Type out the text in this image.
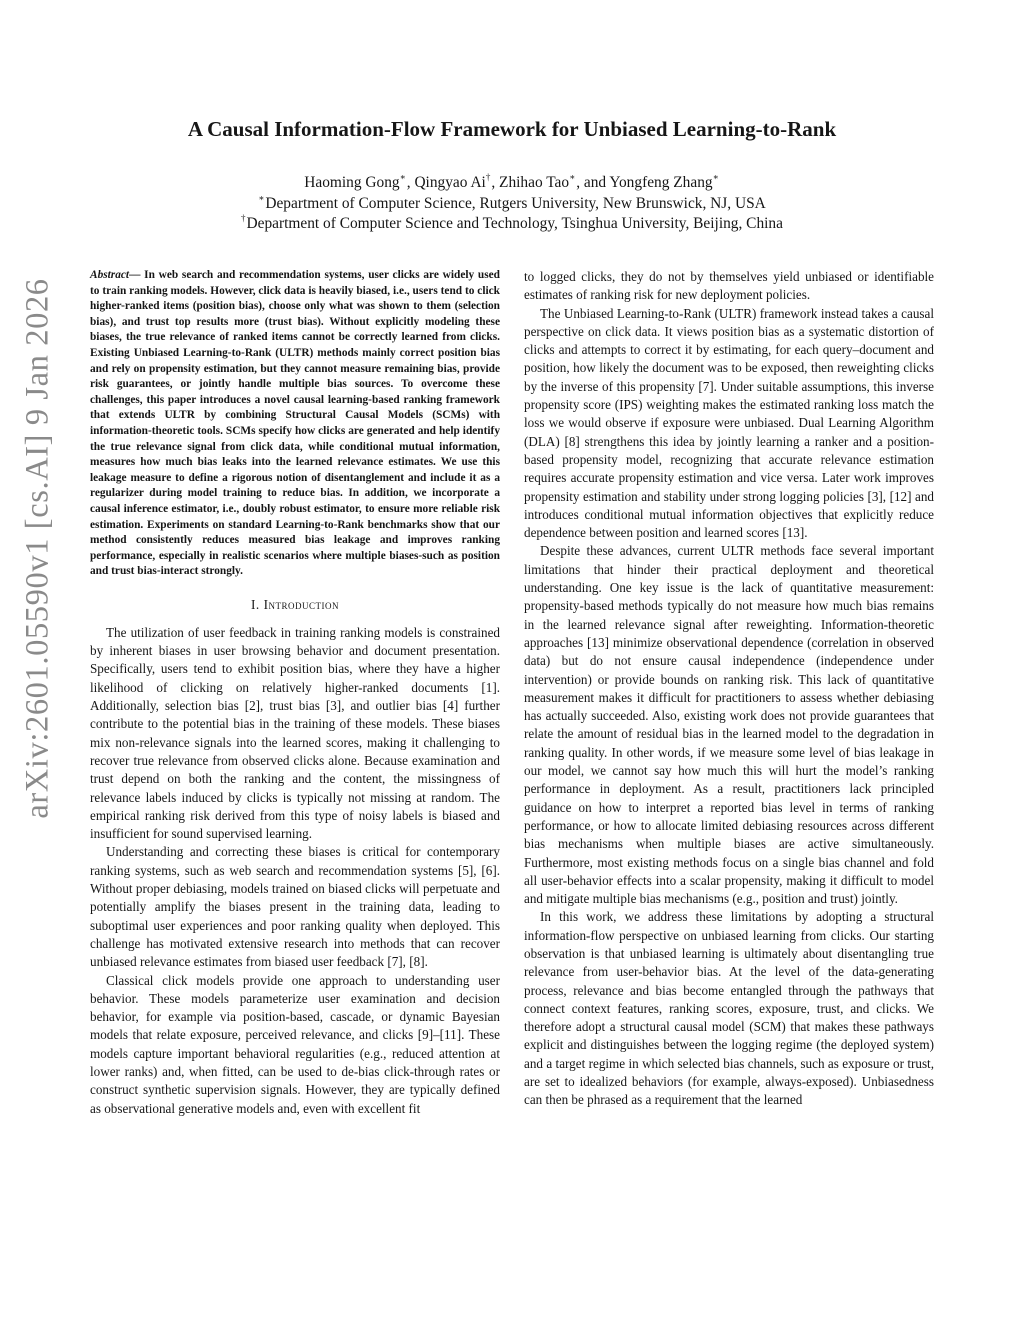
arXiv:2601.05590v1 [cs.AI] 9 Jan 2026
A Causal Information-Flow Framework for Unbiased Learning-to-Rank

Haoming Gong∗, Qingyao Ai†, Zhihao Tao∗, and Yongfeng Zhang∗

∗Department of Computer Science, Rutgers University, New Brunswick, NJ, USA

†Department of Computer Science and Technology, Tsinghua University, Beijing, China

Abstract— In web search and recommendation systems, user clicks are widely used to train ranking models. However, click data is heavily biased, i.e., users tend to click higher-ranked items (position bias), choose only what was shown to them (selection bias), and trust top results more (trust bias). Without explicitly modeling these biases, the true relevance of ranked items cannot be correctly learned from clicks. Existing Unbiased Learning-to-Rank (ULTR) methods mainly correct position bias and rely on propensity estimation, but they cannot measure remaining bias, provide risk guarantees, or jointly handle multiple bias sources. To overcome these challenges, this paper introduces a novel causal learning-based ranking framework that extends ULTR by combining Structural Causal Models (SCMs) with information-theoretic tools. SCMs specify how clicks are generated and help identify the true relevance signal from click data, while conditional mutual information, measures how much bias leaks into the learned relevance estimates. We use this leakage measure to define a rigorous notion of disentanglement and include it as a regularizer during model training to reduce bias. In addition, we incorporate a causal inference estimator, i.e., doubly robust estimator, to ensure more reliable risk estimation. Experiments on standard Learning-to-Rank benchmarks show that our method consistently reduces measured bias leakage and improves ranking performance, especially in realistic scenarios where multiple biases-such as position and trust bias-interact strongly.

I. Introduction

The utilization of user feedback in training ranking models is constrained by inherent biases in user browsing behavior and document presentation. Specifically, users tend to exhibit position bias, where they have a higher likelihood of clicking on relatively higher-ranked documents [1]. Additionally, selection bias [2], trust bias [3], and outlier bias [4] further contribute to the potential bias in the training of these models. These biases mix non-relevance signals into the learned scores, making it challenging to recover true relevance from observed clicks alone. Because examination and trust depend on both the ranking and the content, the missingness of relevance labels induced by clicks is typically not missing at random. The empirical ranking risk derived from this type of noisy labels is biased and insufficient for sound supervised learning.

Understanding and correcting these biases is critical for contemporary ranking systems, such as web search and recommendation systems [5], [6]. Without proper debiasing, models trained on biased clicks will perpetuate and potentially amplify the biases present in the training data, leading to suboptimal user experiences and poor ranking quality when deployed. This challenge has motivated extensive research into methods that can recover unbiased relevance estimates from biased user feedback [7], [8].

Classical click models provide one approach to understanding user behavior. These models parameterize user examination and decision behavior, for example via position-based, cascade, or dynamic Bayesian models that relate exposure, perceived relevance, and clicks [9]–[11]. These models capture important behavioral regularities (e.g., reduced attention at lower ranks) and, when fitted, can be used to de-bias click-through rates or construct synthetic supervision signals. However, they are typically defined as observational generative models and, even with excellent fit

to logged clicks, they do not by themselves yield unbiased or identifiable estimates of ranking risk for new deployment policies.

The Unbiased Learning-to-Rank (ULTR) framework instead takes a causal perspective on click data. It views position bias as a systematic distortion of clicks and attempts to correct it by estimating, for each query–document and position, how likely the document was to be exposed, then reweighting clicks by the inverse of this propensity [7]. Under suitable assumptions, this inverse propensity score (IPS) weighting makes the estimated ranking loss match the loss we would observe if exposure were unbiased. Dual Learning Algorithm (DLA) [8] strengthens this idea by jointly learning a ranker and a position-based propensity model, recognizing that accurate relevance estimation requires accurate propensity estimation and vice versa. Later work improves propensity estimation and stability under strong logging policies [3], [12] and introduces conditional mutual information objectives that explicitly reduce dependence between position and learned scores [13].

Despite these advances, current ULTR methods face several important limitations that hinder their practical deployment and theoretical understanding. One key issue is the lack of quantitative measurement: propensity-based methods typically do not measure how much bias remains in the learned relevance signal after reweighting. Information-theoretic approaches [13] minimize observational dependence (correlation in observed data) but do not ensure causal independence (independence under intervention) or provide bounds on ranking risk. This lack of quantitative measurement makes it difficult for practitioners to assess whether debiasing has actually succeeded. Also, existing work does not provide guarantees that relate the amount of residual bias in the learned model to the degradation in ranking quality. In other words, if we measure some level of bias leakage in our model, we cannot say how much this will hurt the model’s ranking performance in deployment. As a result, practitioners lack principled guidance on how to interpret a reported bias level in terms of ranking performance, or how to allocate limited debiasing resources across different bias mechanisms when multiple biases are active simultaneously. Furthermore, most existing methods focus on a single bias channel and fold all user-behavior effects into a scalar propensity, making it difficult to model and mitigate multiple bias mechanisms (e.g., position and trust) jointly.

In this work, we address these limitations by adopting a structural information-flow perspective on unbiased learning from clicks. Our starting observation is that unbiased learning is ultimately about disentangling true relevance from user-behavior bias. At the level of the data-generating process, relevance and bias become entangled through the pathways that connect context features, ranking scores, exposure, trust, and clicks. We therefore adopt a structural causal model (SCM) that makes these pathways explicit and distinguishes between the logging regime (the deployed system) and a target regime in which selected bias channels, such as exposure or trust, are set to idealized behaviors (for example, always-exposed). Unbiasedness can then be phrased as a requirement that the learned
